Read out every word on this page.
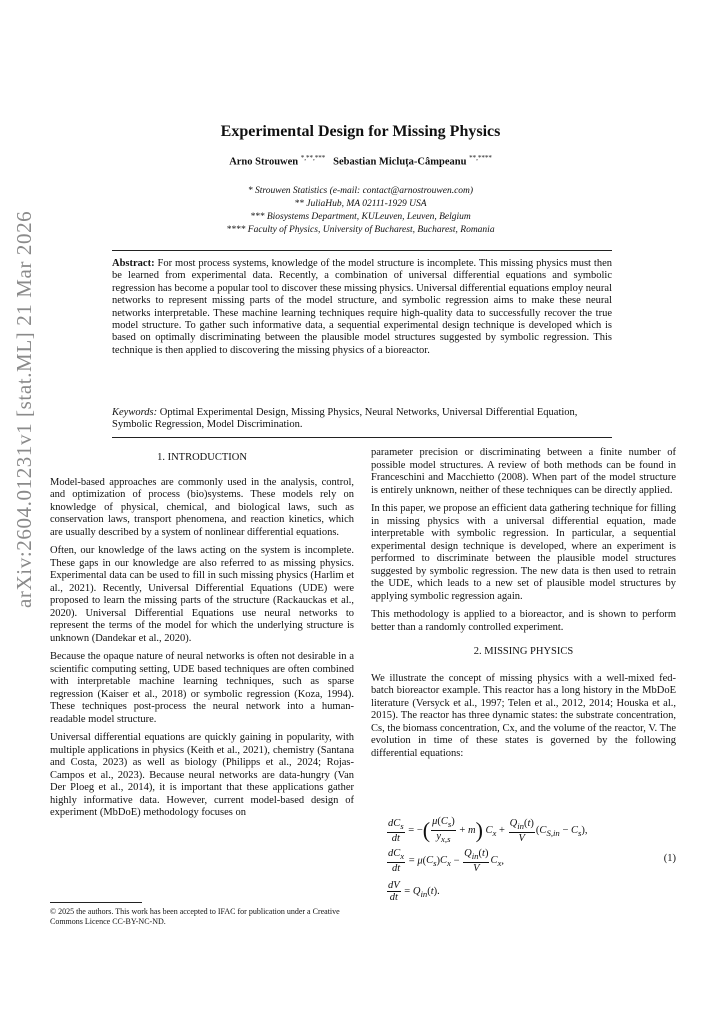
arXiv:2604.01231v1 [stat.ML] 21 Mar 2026
Experimental Design for Missing Physics
Arno Strouwen *,**,*** Sebastian Micluța-Câmpeanu **,****
* Strouwen Statistics (e-mail: contact@arnostrouwen.com)
** JuliaHub, MA 02111-1929 USA
*** Biosystems Department, KULeuven, Leuven, Belgium
**** Faculty of Physics, University of Bucharest, Bucharest, Romania
Abstract: For most process systems, knowledge of the model structure is incomplete. This missing physics must then be learned from experimental data. Recently, a combination of universal differential equations and symbolic regression has become a popular tool to discover these missing physics. Universal differential equations employ neural networks to represent missing parts of the model structure, and symbolic regression aims to make these neural networks interpretable. These machine learning techniques require high-quality data to successfully recover the true model structure. To gather such informative data, a sequential experimental design technique is developed which is based on optimally discriminating between the plausible model structures suggested by symbolic regression. This technique is then applied to discovering the missing physics of a bioreactor.
Keywords: Optimal Experimental Design, Missing Physics, Neural Networks, Universal Differential Equation, Symbolic Regression, Model Discrimination.
1. INTRODUCTION

Model-based approaches are commonly used in the analysis, control, and optimization of process (bio)systems. These models rely on knowledge of physical, chemical, and biological laws, such as conservation laws, transport phenomena, and reaction kinetics, which are usually described by a system of nonlinear differential equations.

Often, our knowledge of the laws acting on the system is incomplete. These gaps in our knowledge are also referred to as missing physics. Experimental data can be used to fill in such missing physics (Harlim et al., 2021). Recently, Universal Differential Equations (UDE) were proposed to learn the missing parts of the structure (Rackauckas et al., 2020). Universal Differential Equations use neural networks to represent the terms of the model for which the underlying structure is unknown (Dandekar et al., 2020).

Because the opaque nature of neural networks is often not desirable in a scientific computing setting, UDE based techniques are often combined with interpretable machine learning techniques, such as sparse regression (Kaiser et al., 2018) or symbolic regression (Koza, 1994). These techniques post-process the neural network into a human-readable model structure.

Universal differential equations are quickly gaining in popularity, with multiple applications in physics (Keith et al., 2021), chemistry (Santana and Costa, 2023) as well as biology (Philipps et al., 2024; Rojas-Campos et al., 2023). Because neural networks are data-hungry (Van Der Ploeg et al., 2014), it is important that these applications gather highly informative data. However, current model-based design of experiment (MbDoE) methodology focuses on

© 2025 the authors. This work has been accepted to IFAC for publication under a Creative Commons Licence CC-BY-NC-ND.

parameter precision or discriminating between a finite number of possible model structures. A review of both methods can be found in Franceschini and Macchietto (2008). When part of the model structure is entirely unknown, neither of these techniques can be directly applied.

In this paper, we propose an efficient data gathering technique for filling in missing physics with a universal differential equation, made interpretable with symbolic regression. In particular, a sequential experimental design technique is developed, where an experiment is performed to discriminate between the plausible model structures suggested by symbolic regression. The new data is then used to retrain the UDE, which leads to a new set of plausible model structures by applying symbolic regression again.

This methodology is applied to a bioreactor, and is shown to perform better than a randomly controlled experiment.

2. MISSING PHYSICS

We illustrate the concept of missing physics with a well-mixed fed-batch bioreactor example. This reactor has a long history in the MbDoE literature (Versyck et al., 1997; Telen et al., 2012, 2014; Houska et al., 2015). The reactor has three dynamic states: the substrate concentration, Cs, the biomass concentration, Cx, and the volume of the reactor, V. The evolution in time of these states is governed by the following differential equations:

$\frac{dC_s}{dt}$ = −( $\frac{\mu(C_s)}{y_{x,s}} + m$) $C_x + \frac{Q_{in}(t)}{V} (C_{S,in} - C_s)$,
$\frac{dC_x}{dt} = \mu(C_s)C_x - \frac{Q_{in}(t)}{V} C_x$,
$\frac{dV}{dt} = Q_{in}(t)$.
(1)
